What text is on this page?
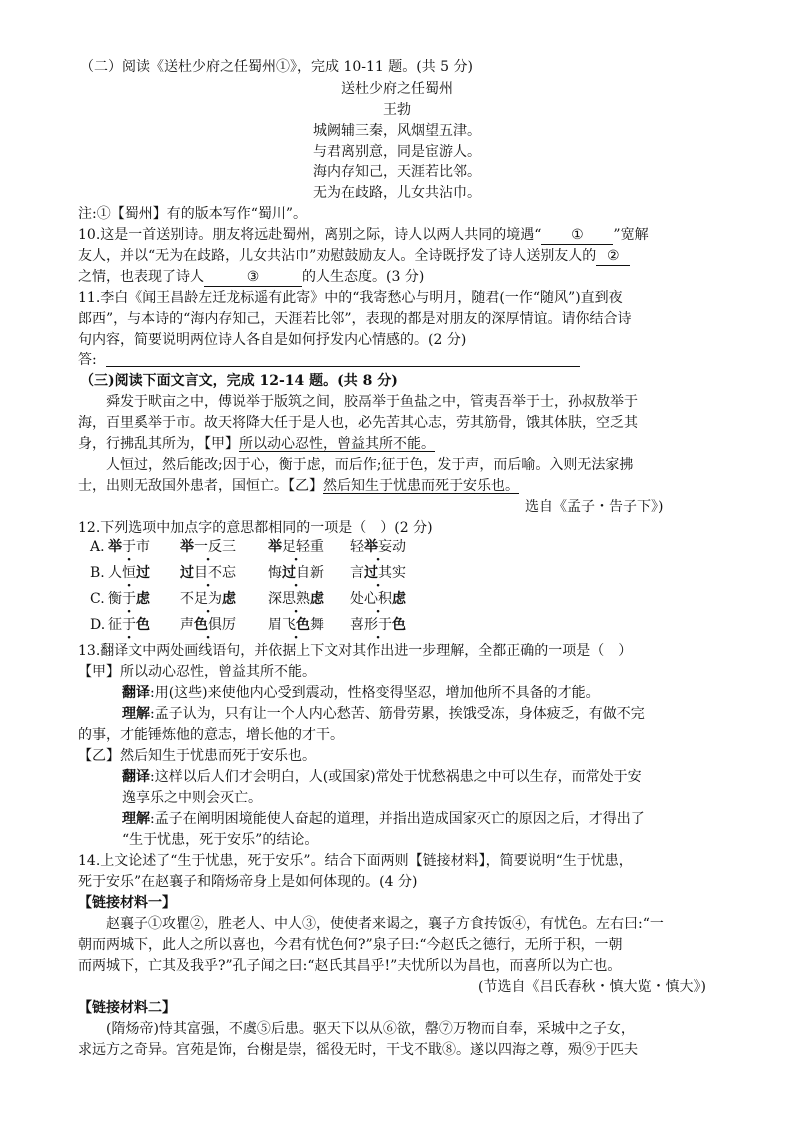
（二）阅读《送杜少府之任蜀州①》，完成 10-11 题。(共 5 分)
送杜少府之任蜀州
王勃
城阙辅三秦，风烟望五津。
与君离别意，同是宦游人。
海内存知己，天涯若比邻。
无为在歧路，儿女共沾巾。
注:①【蜀州】有的版本写作“蜀川”。
10.这是一首送别诗。朋友将远赴蜀州，离别之际，诗人以两人共同的境遇“ ① ”宽解
友人，并以“无为在歧路，儿女共沾巾”劝慰鼓励友人。全诗既抒发了诗人送别友人的 ②
之情，也表现了诗人	③	的人生态度。(3 分)
11.李白《闻王昌龄左迁龙标遥有此寄》中的“我寄愁心与明月，随君(一作“随风”)直到夜
郎西”，与本诗的“海内存知己，天涯若比邻”，表现的都是对朋友的深厚情谊。请你结合诗
句内容，简要说明两位诗人各自是如何抒发内心情感的。(2 分)
答:
（三)阅读下面文言文，完成 12-14 题。(共 8 分)
舜发于畎亩之中，傅说举于版筑之间，胶鬲举于鱼盐之中，管夷吾举于士，孙叔敖举于
海，百里奚举于市。故天将降大任于是人也，必先苦其心志，劳其筋骨，饿其体肤，空乏其
身，行拂乱其所为，【甲】所以动心忍性，曾益其所不能。
人恒过，然后能改;因于心，衡于虑，而后作;征于色，发于声，而后喻。入则无法家拂
士，出则无敌国外患者，国恒亡。【乙】然后知生于忧患而死于安乐也。
选自《孟子・告子下》)
12.下列选项中加点字的意思都相同的一项是（　）(2 分)
A. 举 ·于市 举 ·一反三 举 ·足轻重 轻举 ·妄动
B. 人恒过 · 过 ·目不忘 悔过 ·自新 言过 ·其实
C. 衡于虑 · 不足为虑 · 深思熟虑 · 处心积虑 ·
D. 征于色 · 声色 ·俱厉 眉飞色 ·舞 喜形于色 ·
13.翻译文中两处画线语句，并依据上下文对其作出进一步理解，全都正确的一项是（　）
【甲】所以动心忍性，曾益其所不能。
翻译:用(这些)来使他内心受到震动，性格变得坚忍，增加他所不具备的才能。
理解:孟子认为，只有让一个人内心愁苦、筋骨劳累，挨饿受冻，身体疲乏，有做不完
的事，才能锤炼他的意志，增长他的才干。
【乙】然后知生于忧患而死于安乐也。
翻译:这样以后人们才会明白，人(或国家)常处于忧愁祸患之中可以生存，而常处于安
逸享乐之中则会灭亡。
理解:孟子在阐明困境能使人奋起的道理，并指出造成国家灭亡的原因之后，才得出了
“生于忧患，死于安乐”的结论。
14.上文论述了“生于忧患，死于安乐”。结合下面两则【链接材料】，简要说明“生于忧患，
死于安乐”在赵襄子和隋炀帝身上是如何体现的。(4 分)
【链接材料一】
赵襄子①攻瞿②，胜老人、中人③，使使者来谒之，襄子方食抟饭④，有忧色。左右曰:“一
朝而两城下，此人之所以喜也，今君有忧色何?”泉子曰:“今赵氏之德行，无所于积，一朝
而两城下，亡其及我乎?”孔子闻之曰:“赵氏其昌乎!”夫忧所以为昌也，而喜所以为亡也。
(节选自《吕氏春秋・慎大览・慎大》)
【链接材料二】
(隋炀帝)恃其富强，不虞⑤后患。驱天下以从⑥欲，罄⑦万物而自奉，采城中之子女，
求远方之奇异。宫苑是饰，台榭是崇，徭役无时，干戈不戢⑧。遂以四海之尊，殒⑨于匹夫
